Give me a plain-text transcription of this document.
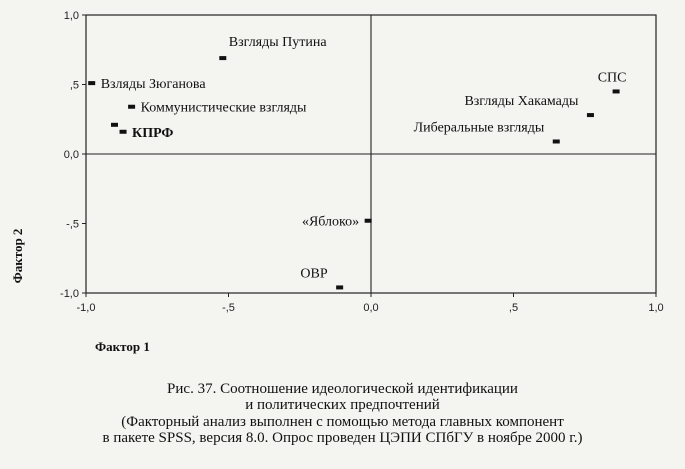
-1,0	-,5	0,0	,5	1,0
1,0
,5
0,0
-,5
-1,0
Фактор 1
Фактор 2
Взгляды Путина
Взляды Зюганова
Коммунистические взгляды
КПРФ
СПС
Взгляды Хакамады
Либеральные взгляды
«Яблоко»
ОВР
Рис. 37. Соотношение идеологической идентификации
и политических предпочтений
(Факторный анализ выполнен с помощью метода главных компонент
в пакете SPSS, версия 8.0. Опрос проведен ЦЭПИ СПбГУ в ноябре 2000 г.)
